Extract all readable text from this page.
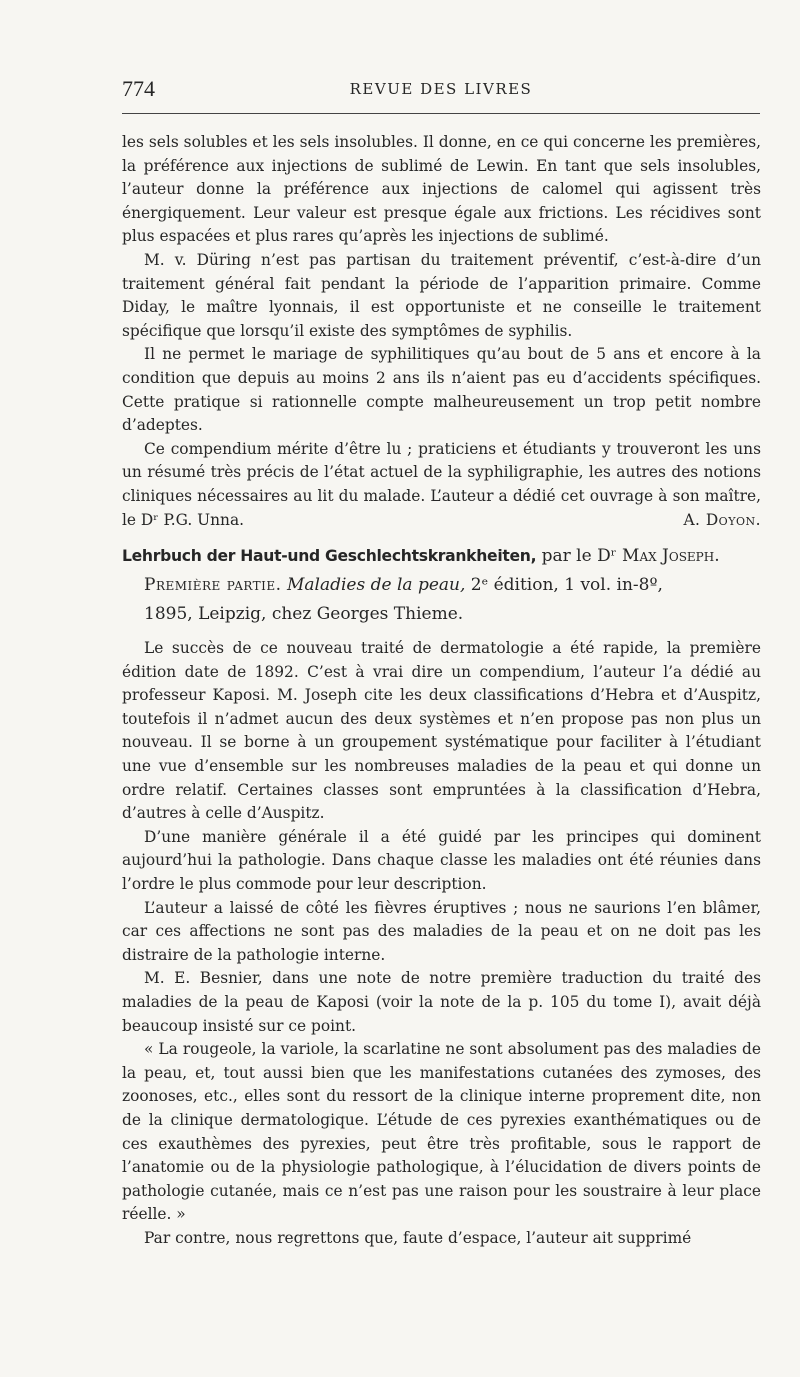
774	REVUE DES LIVRES

les sels solubles et les sels insolubles. Il donne, en ce qui concerne les premières, la préférence aux injections de sublimé de Lewin. En tant que sels insolubles, l’auteur donne la préférence aux injections de calomel qui agissent très énergiquement. Leur valeur est presque égale aux frictions. Les récidives sont plus espacées et plus rares qu’après les injections de sublimé.

M. v. Düring n’est pas partisan du traitement préventif, c’est-à-dire d’un traitement général fait pendant la période de l’apparition primaire. Comme Diday, le maître lyonnais, il est opportuniste et ne conseille le traitement spécifique que lorsqu’il existe des symptômes de syphilis.

Il ne permet le mariage de syphilitiques qu’au bout de 5 ans et encore à la condition que depuis au moins 2 ans ils n’aient pas eu d’accidents spécifiques. Cette pratique si rationnelle compte malheureusement un trop petit nombre d’adeptes.

Ce compendium mérite d’être lu ; praticiens et étudiants y trouveront les uns un résumé très précis de l’état actuel de la syphiligraphie, les autres des notions cliniques nécessaires au lit du malade. L’auteur a dédié cet ouvrage à son maître, le Dʳ P.G. Unna.	A. Doyon.

Lehrbuch der Haut-und Geschlechtskrankheiten, par le Dʳ Max Joseph.
Première partie. Maladies de la peau, 2ᵉ édition, 1 vol. in-8º,
1895, Leipzig, chez Georges Thieme.

Le succès de ce nouveau traité de dermatologie a été rapide, la première édition date de 1892. C’est à vrai dire un compendium, l’auteur l’a dédié au professeur Kaposi. M. Joseph cite les deux classifications d’Hebra et d’Auspitz, toutefois il n’admet aucun des deux systèmes et n’en propose pas non plus un nouveau. Il se borne à un groupement systématique pour faciliter à l’étudiant une vue d’ensemble sur les nombreuses maladies de la peau et qui donne un ordre relatif. Certaines classes sont empruntées à la classification d’Hebra, d’autres à celle d’Auspitz.

D’une manière générale il a été guidé par les principes qui dominent aujourd’hui la pathologie. Dans chaque classe les maladies ont été réunies dans l’ordre le plus commode pour leur description.

L’auteur a laissé de côté les fièvres éruptives ; nous ne saurions l’en blâmer, car ces affections ne sont pas des maladies de la peau et on ne doit pas les distraire de la pathologie interne.

M. E. Besnier, dans une note de notre première traduction du traité des maladies de la peau de Kaposi (voir la note de la p. 105 du tome I), avait déjà beaucoup insisté sur ce point.

« La rougeole, la variole, la scarlatine ne sont absolument pas des maladies de la peau, et, tout aussi bien que les manifestations cutanées des zymoses, des zoonoses, etc., elles sont du ressort de la clinique interne proprement dite, non de la clinique dermatologique. L’étude de ces pyrexies exanthématiques ou de ces exauthèmes des pyrexies, peut être très profitable, sous le rapport de l’anatomie ou de la physiologie pathologique, à l’élucidation de divers points de pathologie cutanée, mais ce n’est pas une raison pour les soustraire à leur place réelle. »

Par contre, nous regrettons que, faute d’espace, l’auteur ait supprimé
